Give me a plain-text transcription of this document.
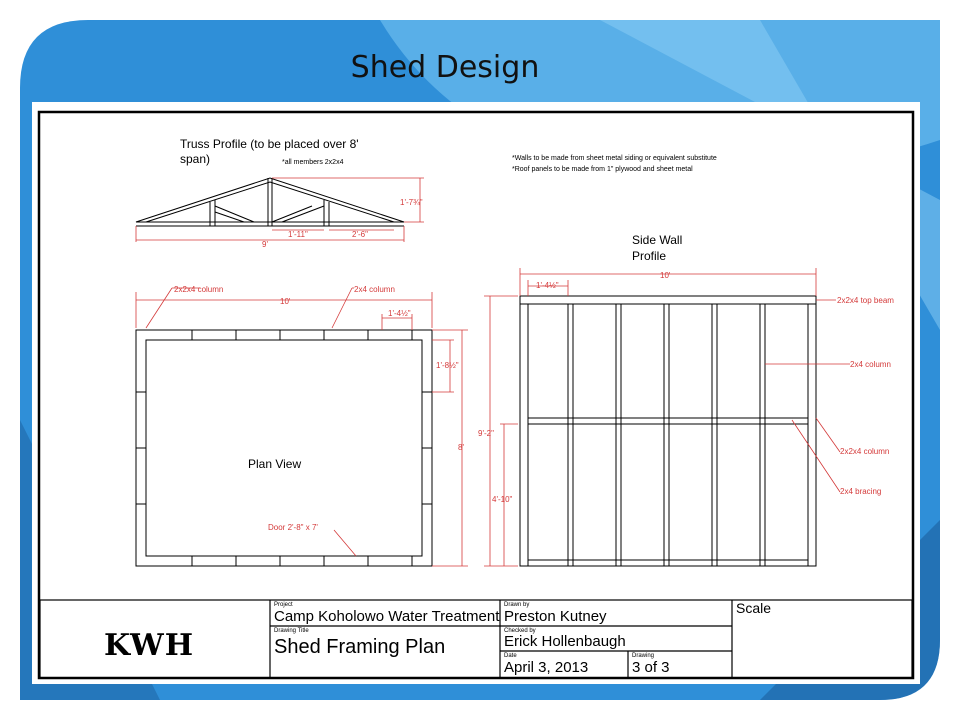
Shed Design
Truss Profile (to be placed over 8'
span)	*all members 2x2x4
1'-7¾"
9'
1'-11"	2'-6"
*Walls to be made from sheet metal siding or equivalent substitute
*Roof panels to be made from 1" plywood and sheet metal
Plan View
2x2x4 column	2x4 column
10'
1'-4½"
1'-8½"
8'
Door 2'-8" x 7'
Side Wall
Profile
10'
1'-4½"
9'-2"
4'-10"
2x2x4 top beam
2x4 column
2x2x4 column
2x4 bracing
KWH
Project
Camp Koholowo Water Treatment
Drawing Title
Shed Framing Plan
Drawn by
Preston Kutney
Checked by
Erick Hollenbaugh
Date
April 3, 2013
Drawing
3 of 3
Scale
